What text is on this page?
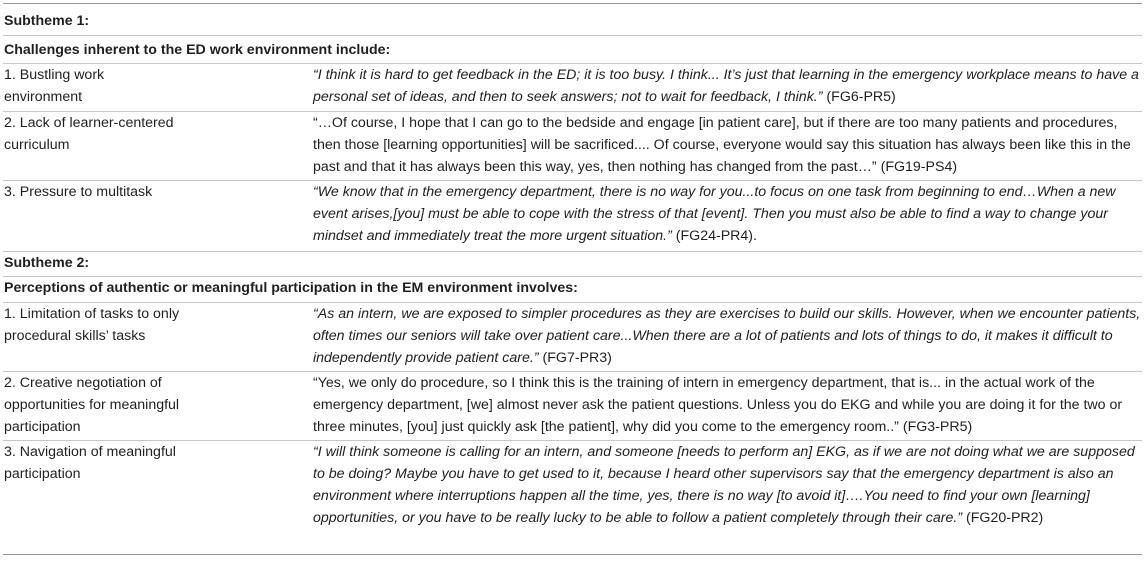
Subtheme 1:
Challenges inherent to the ED work environment include:
1. Bustling work
environment
“I think it is hard to get feedback in the ED; it is too busy. I think... It’s just that learning in the emergency workplace means to have a personal set of ideas, and then to seek answers; not to wait for feedback, I think.” (FG6-PR5)
2. Lack of learner-centered
curriculum
“…Of course, I hope that I can go to the bedside and engage [in patient care], but if there are too many patients and procedures, then those [learning opportunities] will be sacrificed.... Of course, everyone would say this situation has always been like this in the past and that it has always been this way, yes, then nothing has changed from the past…” (FG19-PS4)
3. Pressure to multitask	“We know that in the emergency department, there is no way for you...to focus on one task from beginning to end…When a new event arises,[you] must be able to cope with the stress of that [event]. Then you must also be able to find a way to change your mindset and immediately treat the more urgent situation.” (FG24-PR4).
Subtheme 2:
Perceptions of authentic or meaningful participation in the EM environment involves:
1. Limitation of tasks to only
procedural skills’ tasks
“As an intern, we are exposed to simpler procedures as they are exercises to build our skills. However, when we encounter patients, often times our seniors will take over patient care...When there are a lot of patients and lots of things to do, it makes it difficult to independently provide patient care.” (FG7-PR3)
2. Creative negotiation of
opportunities for meaningful
participation
“Yes, we only do procedure, so I think this is the training of intern in emergency department, that is... in the actual work of the emergency department, [we] almost never ask the patient questions. Unless you do EKG and while you are doing it for the two or three minutes, [you] just quickly ask [the patient], why did you come to the emergency room..” (FG3-PR5)
3. Navigation of meaningful
participation
“I will think someone is calling for an intern, and someone [needs to perform an] EKG, as if we are not doing what we are supposed to be doing? Maybe you have to get used to it, because I heard other supervisors say that the emergency department is also an environment where interruptions happen all the time, yes, there is no way [to avoid it]….You need to find your own [learning] opportunities, or you have to be really lucky to be able to follow a patient completely through their care.” (FG20-PR2)
